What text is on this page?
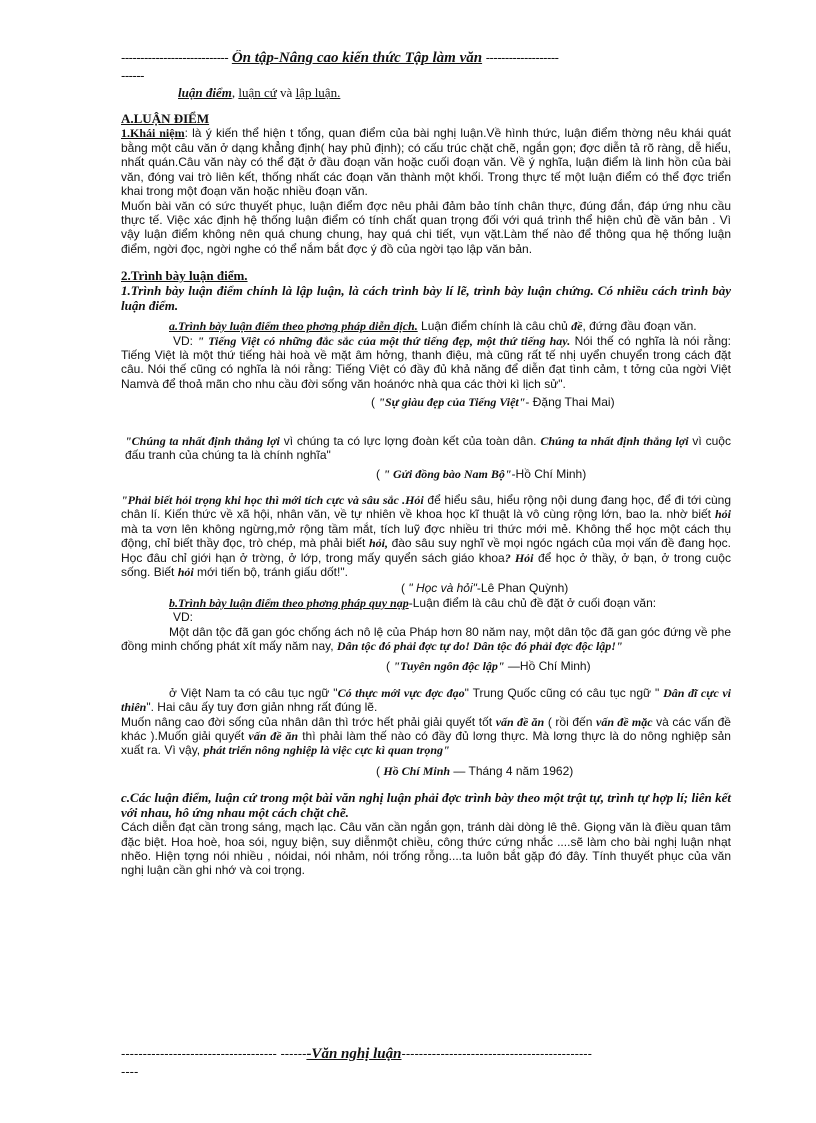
---------------------------- Ôn tập-Nâng cao kiến thức Tập làm văn -------------------
------
luận điểm, luận cứ và lập luận.
A.LUẬN ĐIỂM

1.Khái niệm: là ý kiến thể hiện t tổng, quan điểm của bài nghị luận.Về hình thức, luận điểm thờng nêu khái quát bằng một câu văn ở dạng khẳng định( hay phủ định); có cấu trúc chặt chẽ, ngắn gọn; đợc diễn tả rõ ràng, dễ hiểu, nhất quán.Câu văn này có thể đặt ở đầu đoạn văn hoặc cuối đoạn văn. Về ý nghĩa, luận điểm là linh hồn của bài văn, đóng vai trò liên kết, thống nhất các đoạn văn thành một khối. Trong thực tế một luận điểm có thể đợc triển khai trong một đoạn văn hoặc nhiều đoạn văn.

Muốn bài văn có sức thuyết phục, luận điểm đợc nêu phải đảm bảo tính chân thực, đúng đắn, đáp ứng nhu cầu thực tế. Việc xác định hệ thống luận điểm có tính chất quan trọng đối với quá trình thể hiện chủ đề văn bản . Vì vậy luận điểm không nên quá chung chung, hay quá chi tiết, vụn vặt.Làm thế nào để thông qua hệ thống luận điểm, ngời đọc, ngời nghe có thể nắm bắt đợc ý đồ của ngời tạo lập văn bản.

2.Trình bày luận điểm.

1.Trình bày luận điểm chính là lập luận, là cách trình bày lí lẽ, trình bày luận chứng. Có nhiều cách trình bày luận điểm.

a.Trình bày luận điểm theo phơng pháp diễn dịch. Luận điểm chính là câu chủ đề, đứng đầu đoạn văn.

VD: " Tiếng Việt có những đắc sắc của một thứ tiếng đẹp, một thứ tiếng hay. Nói thế có nghĩa là nói rằng: Tiếng Việt là một thứ tiếng hài hoà về mặt âm hởng, thanh điệu, mà cũng rất tế nhị uyển chuyển trong cách đặt câu. Nói thế cũng có nghĩa là nói rằng: Tiếng Việt có đầy đủ khả năng để diễn đạt tình cảm, t tởng của ngời Việt Namvà để thoả mãn cho nhu cầu đời sống văn hoánớc nhà qua các thời kì lịch sử".

( "Sự giàu đẹp của Tiếng Việt"- Đặng Thai Mai)

"Chúng ta nhất định thắng lợi vì chúng ta có lực lợng đoàn kết của toàn dân. Chúng ta nhất định thắng lợi vì cuộc đấu tranh của chúng ta là chính nghĩa"

( " Gửi đồng bào Nam Bộ"-Hồ Chí Minh)

"Phải biết hỏi trọng khi học thì mới tích cực và sâu sắc .Hỏi để hiểu sâu, hiểu rộng nội dung đang học, để đi tới cùng chân lí. Kiến thức về xã hội, nhân văn, về tự nhiên về khoa học kĩ thuật là vô cùng rộng lớn, bao la. nhờ biết hỏi mà ta vơn lên không ngừng,mở rộng tầm mắt, tích luỹ đợc nhiều tri thức mới mẻ. Không thể học một cách thụ động, chỉ biết thầy đọc, trò chép, mà phải biết hỏi, đào sâu suy nghĩ về mọi ngóc ngách của mọi vấn đề đang học. Học đâu chỉ giới hạn ở trờng, ở lớp, trong mấy quyển sách giáo khoa? Hỏi để học ở thầy, ở bạn, ở trong cuộc sống. Biết hỏi mới tiến bộ, tránh giấu dốt!".

( " Học và hỏi"-Lê Phan Quỳnh)

b.Trình bày luận điểm theo phơng pháp quy nạp-Luận điểm là câu chủ đề đặt ở cuối đoạn văn:

VD:

Một dân tộc đã gan góc chống ách nô lệ của Pháp hơn 80 năm nay, một dân tộc đã gan góc đứng về phe đồng minh chống phát xít mấy năm nay, Dân tộc đó phải đợc tự do! Dân tộc đó phải đợc độc lập!"

( "Tuyên ngôn độc lập" —Hồ Chí Minh)

ở Việt Nam ta có câu tục ngữ "Có thực mới vực đợc đạo" Trung Quốc cũng có câu tục ngữ " Dân dĩ cực vi thiên". Hai câu ấy tuy đơn giản nhng rất đúng lẽ.

Muốn nâng cao đời sống của nhân dân thì trớc hết phải giải quyết tốt vấn đề ăn ( rồi đến vấn đề mặc và các vấn đề khác ).Muốn giải quyết vấn đề ăn thì phải làm thế nào có đầy đủ lơng thực. Mà lơng thực là do nông nghiệp sản xuất ra. Vì vậy, phát triển nông nghiệp là việc cực kì quan trọng"

( Hồ Chí Minh — Tháng 4 năm 1962)

c.Các luận điểm, luận cứ trong một bài văn nghị luận phải đợc trình bày theo một trật tự, trình tự hợp lí; liên kết với nhau, hô ứng nhau một cách chặt chẽ.

Cách diễn đạt cần trong sáng, mạch lạc. Câu văn cần ngắn gọn, tránh dài dòng lê thê. Giọng văn là điều quan tâm đặc biệt. Hoa hoè, hoa sói, nguỵ biện, suy diễnmột chiều, công thức cứng nhắc ....sẽ làm cho bài nghị luận nhạt nhẽo. Hiện tợng nói nhiều , nóidai, nói nhảm, nói trống rỗng....ta luôn bắt gặp đó đây. Tính thuyết phục của văn nghị luận cần ghi nhớ và coi trọng.

------------------------------------ -------Văn nghị luận--------------------------------------------
----
